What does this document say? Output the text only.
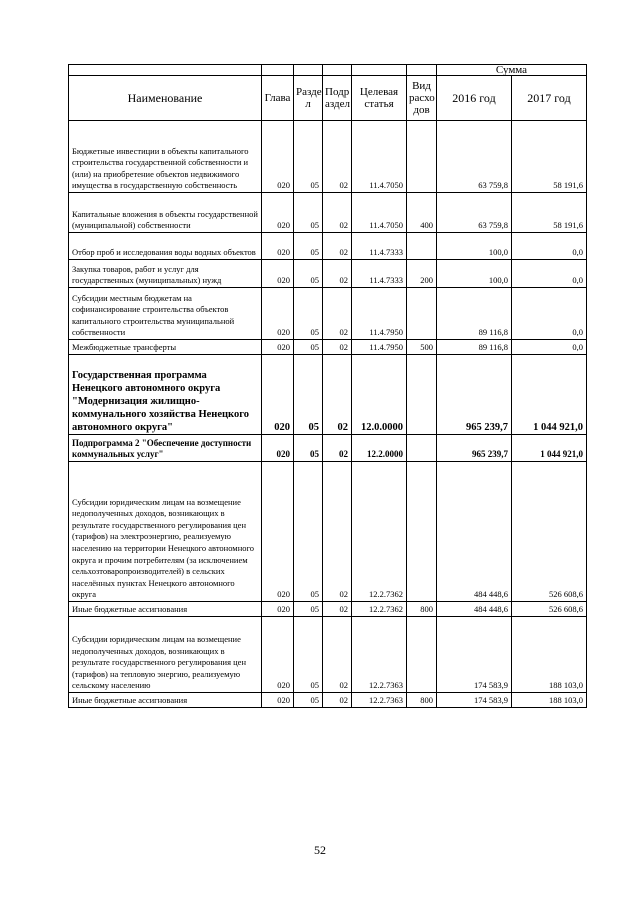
						Сумма	
Наименование	Глава	Разде л	Подр аздел	Целевая статья	Вид расхо дов	2016 год	2017 год
Бюджетные инвестиции в объекты капитального строительства государственной собственности и (или) на приобретение объектов недвижимого имущества в государственную собственность	020	05	02	11.4.7050		63 759,8	58 191,6
Капитальные вложения в объекты государственной (муниципальной) собственности	020	05	02	11.4.7050	400	63 759,8	58 191,6
Отбор проб и исследования воды водных объектов	020	05	02	11.4.7333		100,0	0,0
Закупка товаров, работ и услуг для государственных (муниципальных) нужд	020	05	02	11.4.7333	200	100,0	0,0
Субсидии местным бюджетам на софинансирование строительства объектов капитального строительства муниципальной собственности	020	05	02	11.4.7950		89 116,8	0,0
Межбюджетные трансферты	020	05	02	11.4.7950	500	89 116,8	0,0
Государственная программа Ненецкого автономного округа "Модернизация жилищно-коммунального хозяйства Ненецкого автономного округа"	020	05	02	12.0.0000		965 239,7	1 044 921,0
Подпрограмма 2 "Обеспечение доступности коммунальных услуг"	020	05	02	12.2.0000		965 239,7	1 044 921,0
Субсидии юридическим лицам на возмещение недополученных доходов, возникающих в результате государственного регулирования цен (тарифов) на электроэнергию, реализуемую населению на территории Ненецкого автономного округа и прочим потребителям (за исключением сельхозтоваропроизводителей) в сельских населённых пунктах Ненецкого автономного округа	020	05	02	12.2.7362		484 448,6	526 608,6
Иные бюджетные ассигнования	020	05	02	12.2.7362	800	484 448,6	526 608,6
Субсидии юридическим лицам на возмещение недополученных доходов, возникающих в результате государственного регулирования цен (тарифов) на тепловую энергию, реализуемую сельскому населению	020	05	02	12.2.7363		174 583,9	188 103,0
Иные бюджетные ассигнования	020	05	02	12.2.7363	800	174 583,9	188 103,0
52
